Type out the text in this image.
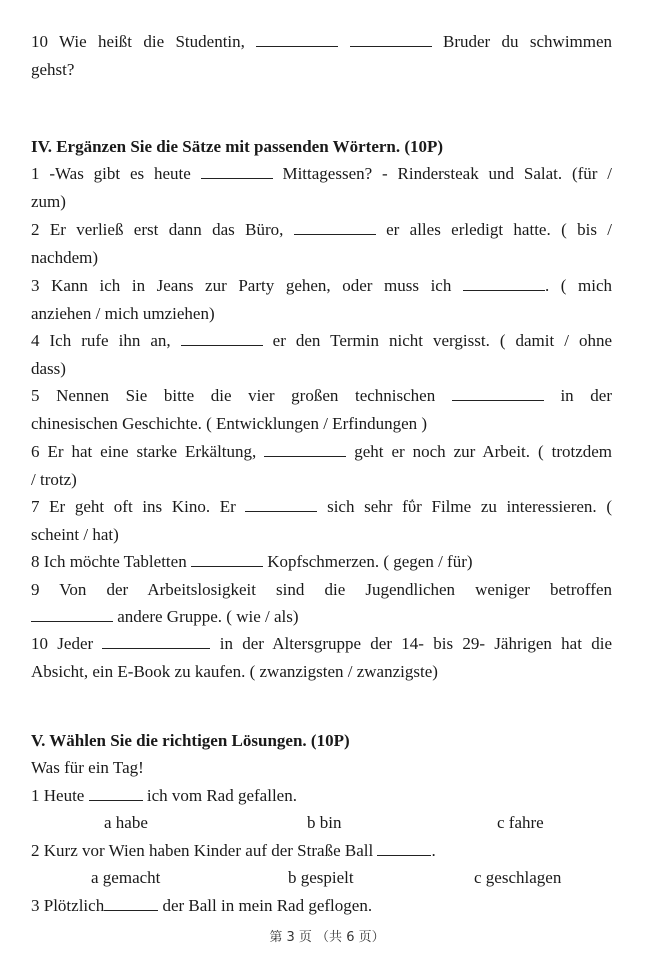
10 Wie heißt die Studentin,	Bruder du schwimmen
gehst?
IV. Ergänzen Sie die Sätze mit passenden Wörtern. (10P)
1 -Was gibt es heute	Mittagessen? - Rindersteak und Salat. (für /
zum)
2 Er verließ erst dann das Büro,	er alles erledigt hatte. ( bis /
nachdem)
3 Kann ich in Jeans zur Party gehen, oder muss ich	. ( mich
anziehen / mich umziehen)
4 Ich rufe ihn an,	er den Termin nicht vergisst. ( damit / ohne
dass)
5 Nennen Sie bitte die vier großen technischen	in der
chinesischen Geschichte. ( Entwicklungen / Erfindungen )
6 Er hat eine starke Erkältung,	geht er noch zur Arbeit. ( trotzdem
/ trotz)
7 Er geht oft ins Kino. Er	sich sehr fΰr Filme zu interessieren. (
scheint / hat)
8 Ich möchte Tabletten	Kopfschmerzen. ( gegen / für)
9 Von der Arbeitslosigkeit sind die Jugendlichen weniger betroffen
andere Gruppe. ( wie / als)
10 Jeder	in der Altersgruppe der 14- bis 29- Jährigen hat die
Absicht, ein E-Book zu kaufen. ( zwanzigsten / zwanzigste)
V. Wählen Sie die richtigen Lösungen. (10P)
Was für ein Tag!
1 Heute	ich vom Rad gefallen.
a habe	b bin	c fahre
2 Kurz vor Wien haben Kinder auf der Straße Ball	.
a gemacht	b gespielt	c geschlagen
3 Plötzlich	der Ball in mein Rad geflogen.
第 3 页 （共 6 页）
